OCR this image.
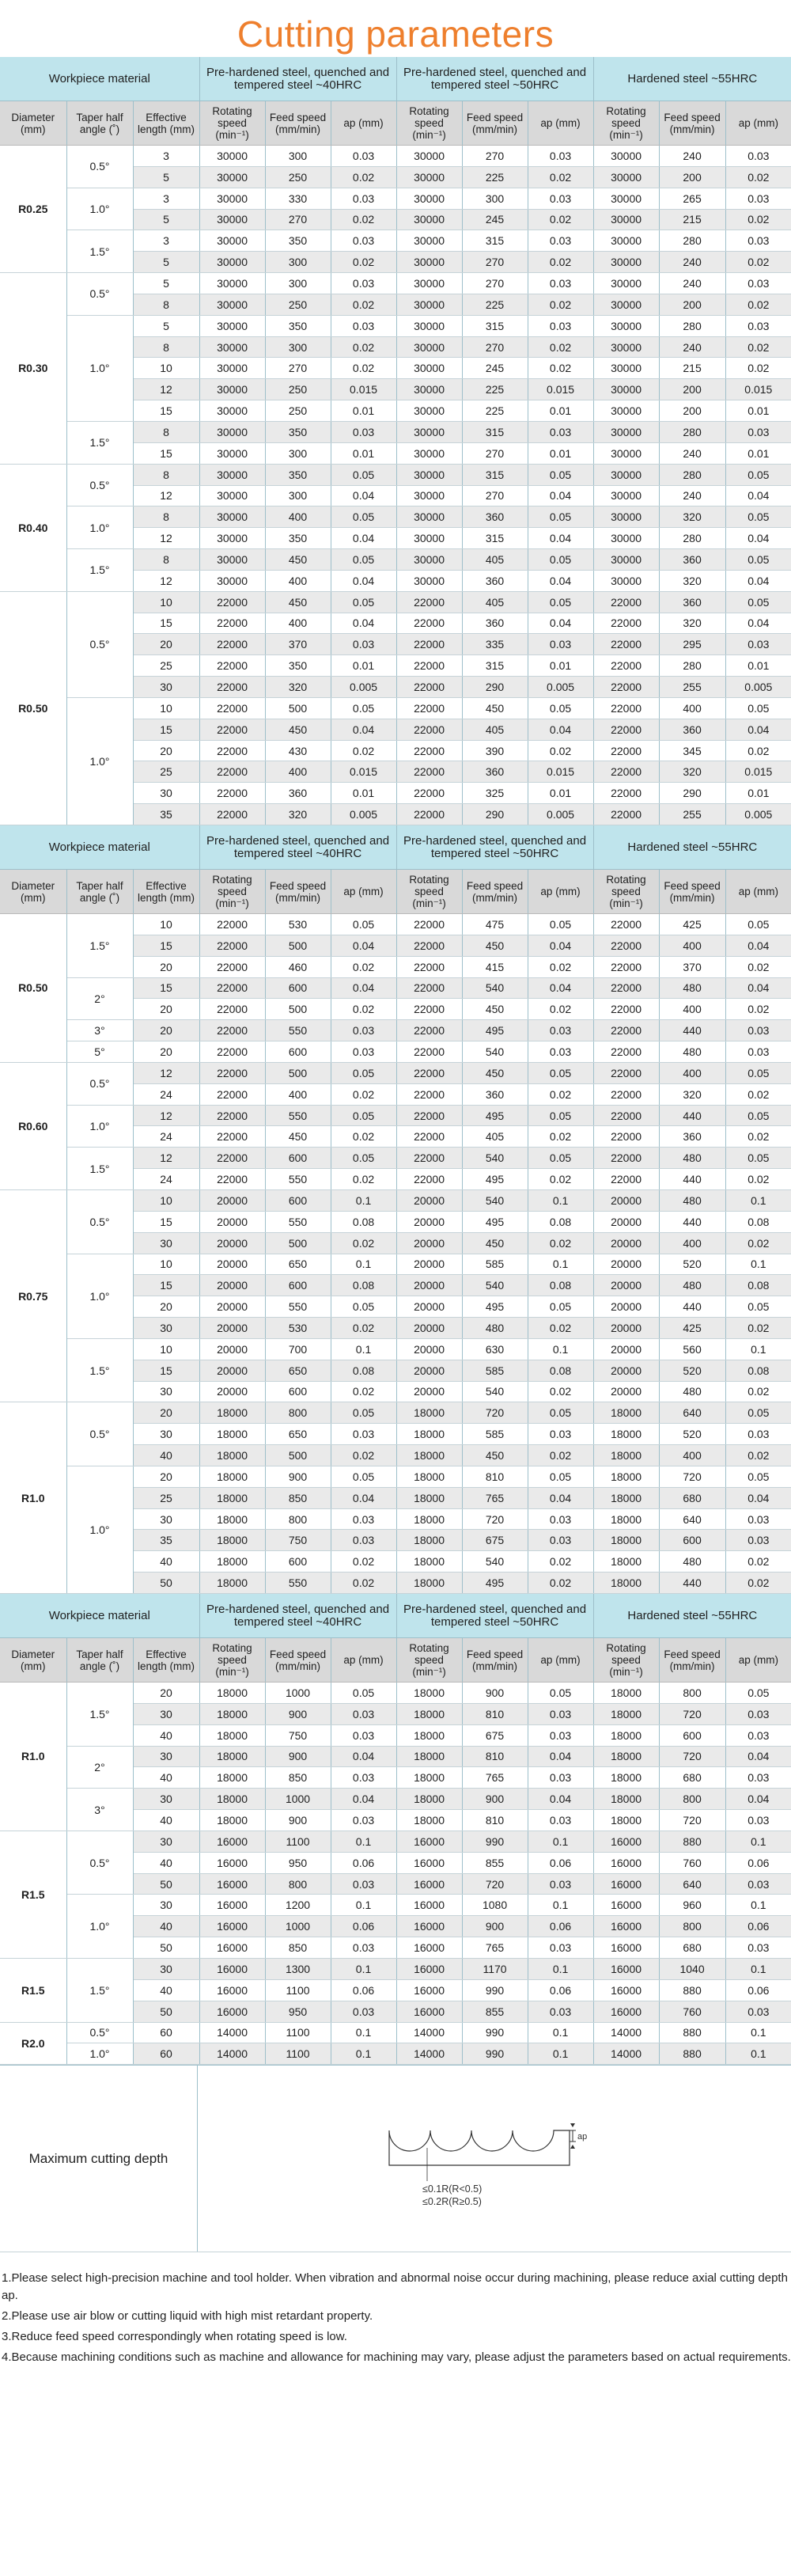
Cutting parameters
Workpiece material			Pre-hardened steel, quenched and tempered steel ~40HRC			Pre-hardened steel, quenched and tempered steel ~50HRC			Hardened steel ~55HRC		
Diameter (mm)	Taper half angle (˚)	Effective length (mm)	Rotating speed (min⁻¹)	Feed speed (mm/min)	ap (mm)	Rotating speed (min⁻¹)	Feed speed (mm/min)	ap (mm)	Rotating speed (min⁻¹)	Feed speed (mm/min)	ap (mm)
R0.25	0.5°	3	30000	300	0.03	30000	270	0.03	30000	240	0.03
		5	30000	250	0.02	30000	225	0.02	30000	200	0.02
	1.0°	3	30000	330	0.03	30000	300	0.03	30000	265	0.03
		5	30000	270	0.02	30000	245	0.02	30000	215	0.02
	1.5°	3	30000	350	0.03	30000	315	0.03	30000	280	0.03
		5	30000	300	0.02	30000	270	0.02	30000	240	0.02
R0.30	0.5°	5	30000	300	0.03	30000	270	0.03	30000	240	0.03
		8	30000	250	0.02	30000	225	0.02	30000	200	0.02
	1.0°	5	30000	350	0.03	30000	315	0.03	30000	280	0.03
		8	30000	300	0.02	30000	270	0.02	30000	240	0.02
		10	30000	270	0.02	30000	245	0.02	30000	215	0.02
		12	30000	250	0.015	30000	225	0.015	30000	200	0.015
		15	30000	250	0.01	30000	225	0.01	30000	200	0.01
	1.5°	8	30000	350	0.03	30000	315	0.03	30000	280	0.03
		15	30000	300	0.01	30000	270	0.01	30000	240	0.01
R0.40	0.5°	8	30000	350	0.05	30000	315	0.05	30000	280	0.05
		12	30000	300	0.04	30000	270	0.04	30000	240	0.04
	1.0°	8	30000	400	0.05	30000	360	0.05	30000	320	0.05
		12	30000	350	0.04	30000	315	0.04	30000	280	0.04
	1.5°	8	30000	450	0.05	30000	405	0.05	30000	360	0.05
		12	30000	400	0.04	30000	360	0.04	30000	320	0.04
R0.50	0.5°	10	22000	450	0.05	22000	405	0.05	22000	360	0.05
		15	22000	400	0.04	22000	360	0.04	22000	320	0.04
		20	22000	370	0.03	22000	335	0.03	22000	295	0.03
		25	22000	350	0.01	22000	315	0.01	22000	280	0.01
		30	22000	320	0.005	22000	290	0.005	22000	255	0.005
	1.0°	10	22000	500	0.05	22000	450	0.05	22000	400	0.05
		15	22000	450	0.04	22000	405	0.04	22000	360	0.04
		20	22000	430	0.02	22000	390	0.02	22000	345	0.02
		25	22000	400	0.015	22000	360	0.015	22000	320	0.015
		30	22000	360	0.01	22000	325	0.01	22000	290	0.01
		35	22000	320	0.005	22000	290	0.005	22000	255	0.005
Workpiece material			Pre-hardened steel, quenched and tempered steel ~40HRC			Pre-hardened steel, quenched and tempered steel ~50HRC			Hardened steel ~55HRC		
Diameter (mm)	Taper half angle (˚)	Effective length (mm)	Rotating speed (min⁻¹)	Feed speed (mm/min)	ap (mm)	Rotating speed (min⁻¹)	Feed speed (mm/min)	ap (mm)	Rotating speed (min⁻¹)	Feed speed (mm/min)	ap (mm)
R0.50	1.5°	10	22000	530	0.05	22000	475	0.05	22000	425	0.05
		15	22000	500	0.04	22000	450	0.04	22000	400	0.04
		20	22000	460	0.02	22000	415	0.02	22000	370	0.02
	2°	15	22000	600	0.04	22000	540	0.04	22000	480	0.04
		20	22000	500	0.02	22000	450	0.02	22000	400	0.02
	3°	20	22000	550	0.03	22000	495	0.03	22000	440	0.03
	5°	20	22000	600	0.03	22000	540	0.03	22000	480	0.03
R0.60	0.5°	12	22000	500	0.05	22000	450	0.05	22000	400	0.05
		24	22000	400	0.02	22000	360	0.02	22000	320	0.02
	1.0°	12	22000	550	0.05	22000	495	0.05	22000	440	0.05
		24	22000	450	0.02	22000	405	0.02	22000	360	0.02
	1.5°	12	22000	600	0.05	22000	540	0.05	22000	480	0.05
		24	22000	550	0.02	22000	495	0.02	22000	440	0.02
R0.75	0.5°	10	20000	600	0.1	20000	540	0.1	20000	480	0.1
		15	20000	550	0.08	20000	495	0.08	20000	440	0.08
		30	20000	500	0.02	20000	450	0.02	20000	400	0.02
	1.0°	10	20000	650	0.1	20000	585	0.1	20000	520	0.1
		15	20000	600	0.08	20000	540	0.08	20000	480	0.08
		20	20000	550	0.05	20000	495	0.05	20000	440	0.05
		30	20000	530	0.02	20000	480	0.02	20000	425	0.02
	1.5°	10	20000	700	0.1	20000	630	0.1	20000	560	0.1
		15	20000	650	0.08	20000	585	0.08	20000	520	0.08
		30	20000	600	0.02	20000	540	0.02	20000	480	0.02
R1.0	0.5°	20	18000	800	0.05	18000	720	0.05	18000	640	0.05
		30	18000	650	0.03	18000	585	0.03	18000	520	0.03
		40	18000	500	0.02	18000	450	0.02	18000	400	0.02
	1.0°	20	18000	900	0.05	18000	810	0.05	18000	720	0.05
		25	18000	850	0.04	18000	765	0.04	18000	680	0.04
		30	18000	800	0.03	18000	720	0.03	18000	640	0.03
		35	18000	750	0.03	18000	675	0.03	18000	600	0.03
		40	18000	600	0.02	18000	540	0.02	18000	480	0.02
		50	18000	550	0.02	18000	495	0.02	18000	440	0.02
Workpiece material			Pre-hardened steel, quenched and tempered steel ~40HRC			Pre-hardened steel, quenched and tempered steel ~50HRC			Hardened steel ~55HRC		
Diameter (mm)	Taper half angle (˚)	Effective length (mm)	Rotating speed (min⁻¹)	Feed speed (mm/min)	ap (mm)	Rotating speed (min⁻¹)	Feed speed (mm/min)	ap (mm)	Rotating speed (min⁻¹)	Feed speed (mm/min)	ap (mm)
R1.0	1.5°	20	18000	1000	0.05	18000	900	0.05	18000	800	0.05
		30	18000	900	0.03	18000	810	0.03	18000	720	0.03
		40	18000	750	0.03	18000	675	0.03	18000	600	0.03
	2°	30	18000	900	0.04	18000	810	0.04	18000	720	0.04
		40	18000	850	0.03	18000	765	0.03	18000	680	0.03
	3°	30	18000	1000	0.04	18000	900	0.04	18000	800	0.04
		40	18000	900	0.03	18000	810	0.03	18000	720	0.03
R1.5	0.5°	30	16000	1100	0.1	16000	990	0.1	16000	880	0.1
		40	16000	950	0.06	16000	855	0.06	16000	760	0.06
		50	16000	800	0.03	16000	720	0.03	16000	640	0.03
	1.0°	30	16000	1200	0.1	16000	1080	0.1	16000	960	0.1
		40	16000	1000	0.06	16000	900	0.06	16000	800	0.06
		50	16000	850	0.03	16000	765	0.03	16000	680	0.03
R1.5	1.5°	30	16000	1300	0.1	16000	1170	0.1	16000	1040	0.1
		40	16000	1100	0.06	16000	990	0.06	16000	880	0.06
		50	16000	950	0.03	16000	855	0.03	16000	760	0.03
R2.0	0.5°	60	14000	1100	0.1	14000	990	0.1	14000	880	0.1
	1.0°	60	14000	1100	0.1	14000	990	0.1	14000	880	0.1
Maximum cutting depth
ap
≤0.1R(R<0.5)
≤0.2R(R≥0.5)

1.Please select high-precision machine and tool holder. When vibration and abnormal noise occur during machining, please reduce axial cutting depth ap.

2.Please use air blow or cutting liquid with high mist retardant property.

3.Reduce feed speed correspondingly when rotating speed is low.

4.Because machining conditions such as machine and allowance for machining may vary, please adjust the parameters based on actual requirements.
